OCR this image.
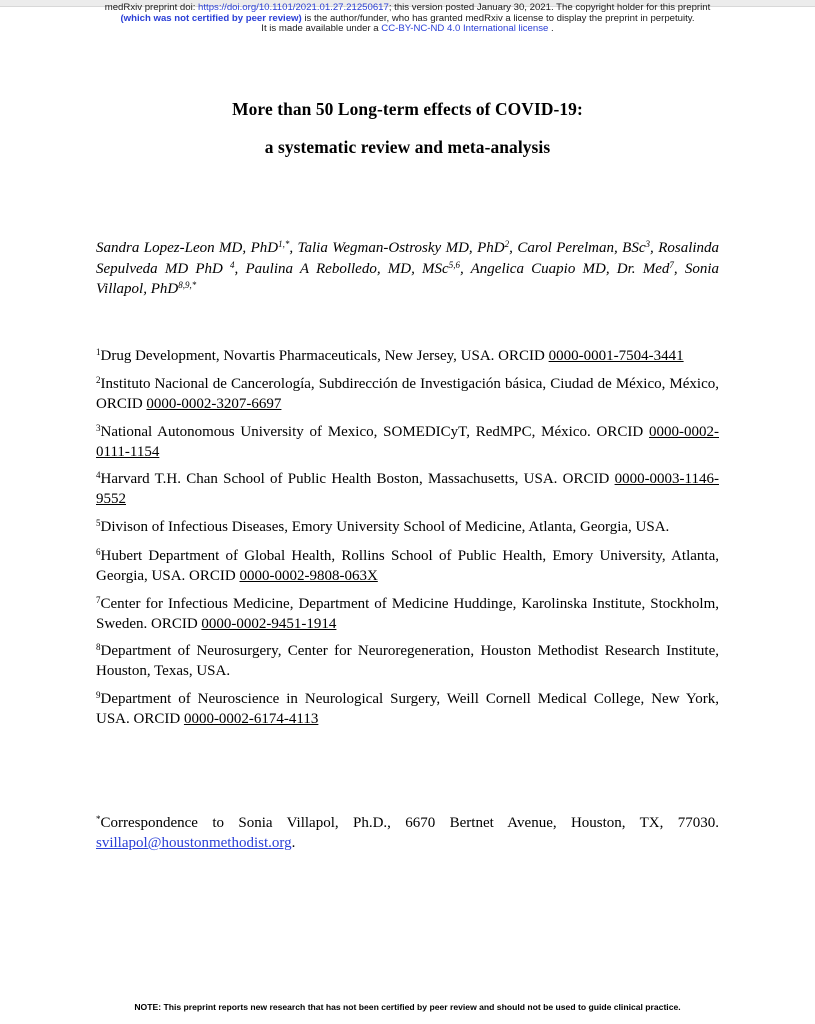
medRxiv preprint doi: https://doi.org/10.1101/2021.01.27.21250617; this version posted January 30, 2021. The copyright holder for this preprint
(which was not certified by peer review) is the author/funder, who has granted medRxiv a license to display the preprint in perpetuity.
It is made available under a CC-BY-NC-ND 4.0 International license .
More than 50 Long-term effects of COVID-19:
a systematic review and meta-analysis
Sandra Lopez-Leon MD, PhD$^{1,*}$, Talia Wegman-Ostrosky MD, PhD$^2$, Carol Perelman, BSc$^3$, Rosalinda Sepulveda MD PhD $^4$, Paulina A Rebolledo, MD, MSc$^{5,6}$, Angelica Cuapio MD, Dr. Med$^7$, Sonia Villapol, PhD$^{8,9,*}$
$^1$Drug Development, Novartis Pharmaceuticals, New Jersey, USA. ORCID 0000-0001-7504-3441
$^2$Instituto Nacional de Cancerología, Subdirección de Investigación básica, Ciudad de México, México, ORCID 0000-0002-3207-6697
$^3$National Autonomous University of Mexico, SOMEDICyT, RedMPC, México. ORCID 0000-0002-0111-1154
$^4$Harvard T.H. Chan School of Public Health Boston, Massachusetts, USA. ORCID 0000-0003-1146-9552
$^5$Divison of Infectious Diseases, Emory University School of Medicine, Atlanta, Georgia, USA.
$^6$Hubert Department of Global Health, Rollins School of Public Health, Emory University, Atlanta, Georgia, USA. ORCID 0000-0002-9808-063X
$^7$Center for Infectious Medicine, Department of Medicine Huddinge, Karolinska Institute, Stockholm, Sweden. ORCID 0000-0002-9451-1914
$^8$Department of Neurosurgery, Center for Neuroregeneration, Houston Methodist Research Institute, Houston, Texas, USA.
$^9$Department of Neuroscience in Neurological Surgery, Weill Cornell Medical College, New York, USA. ORCID 0000-0002-6174-4113
*Correspondence to Sonia Villapol, Ph.D., 6670 Bertnet Avenue, Houston, TX, 77030. svillapol@houstonmethodist.org.
NOTE: This preprint reports new research that has not been certified by peer review and should not be used to guide clinical practice.
